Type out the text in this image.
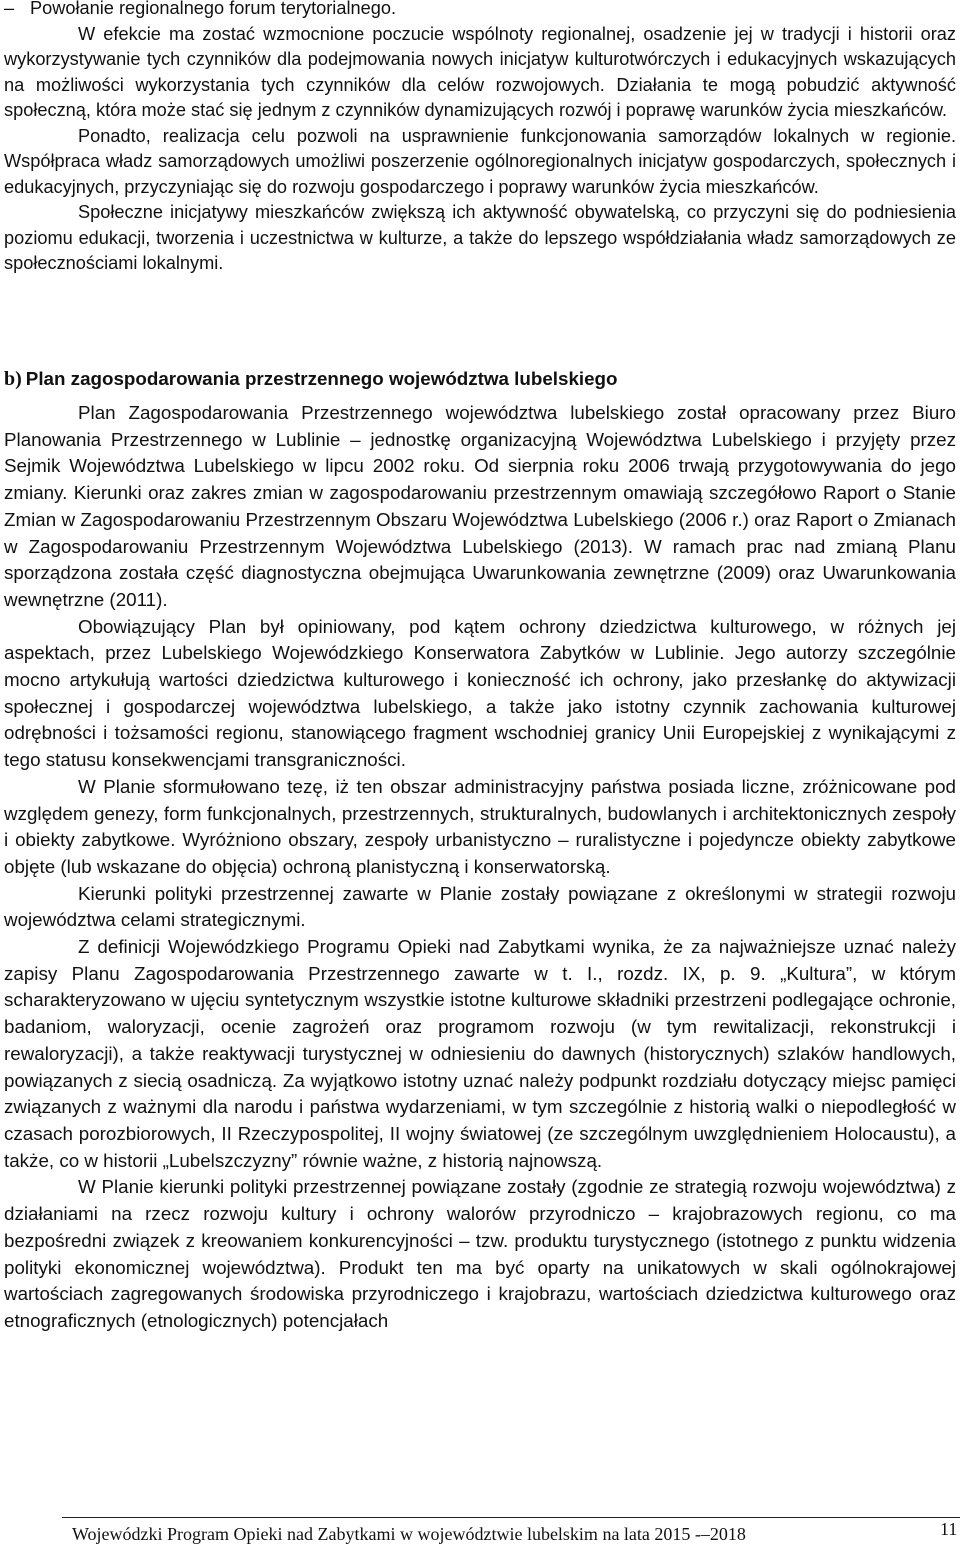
– Powołanie regionalnego forum terytorialnego.

W efekcie ma zostać wzmocnione poczucie wspólnoty regionalnej, osadzenie jej w tradycji i historii oraz wykorzystywanie tych czynników dla podejmowania nowych inicjatyw kulturotwórczych i edukacyjnych wskazujących na możliwości wykorzystania tych czynników dla celów rozwojowych. Działania te mogą pobudzić aktywność społeczną, która może stać się jednym z czynników dynamizujących rozwój i poprawę warunków życia mieszkańców.

Ponadto, realizacja celu pozwoli na usprawnienie funkcjonowania samorządów lokalnych w regionie. Współpraca władz samorządowych umożliwi poszerzenie ogólnoregionalnych inicjatyw gospodarczych, społecznych i edukacyjnych, przyczyniając się do rozwoju gospodarczego i poprawy warunków życia mieszkańców.

Społeczne inicjatywy mieszkańców zwiększą ich aktywność obywatelską, co przyczyni się do podniesienia poziomu edukacji, tworzenia i uczestnictwa w kulturze, a także do lepszego współdziałania władz samorządowych ze społecznościami lokalnymi.

b) Plan zagospodarowania przestrzennego województwa lubelskiego

Plan Zagospodarowania Przestrzennego województwa lubelskiego został opracowany przez Biuro Planowania Przestrzennego w Lublinie – jednostkę organizacyjną Województwa Lubelskiego i przyjęty przez Sejmik Województwa Lubelskiego w lipcu 2002 roku. Od sierpnia roku 2006 trwają przygotowywania do jego zmiany. Kierunki oraz zakres zmian w zagospodarowaniu przestrzennym omawiają szczegółowo Raport o Stanie Zmian w Zagospodarowaniu Przestrzennym Obszaru Województwa Lubelskiego (2006 r.) oraz Raport o Zmianach w Zagospodarowaniu Przestrzennym Województwa Lubelskiego (2013). W ramach prac nad zmianą Planu sporządzona została część diagnostyczna obejmująca Uwarunkowania zewnętrzne (2009) oraz Uwarunkowania wewnętrzne (2011).

Obowiązujący Plan był opiniowany, pod kątem ochrony dziedzictwa kulturowego, w różnych jej aspektach, przez Lubelskiego Wojewódzkiego Konserwatora Zabytków w Lublinie. Jego autorzy szczególnie mocno artykułują wartości dziedzictwa kulturowego i konieczność ich ochrony, jako przesłankę do aktywizacji społecznej i gospodarczej województwa lubelskiego, a także jako istotny czynnik zachowania kulturowej odrębności i tożsamości regionu, stanowiącego fragment wschodniej granicy Unii Europejskiej z wynikającymi z tego statusu konsekwencjami transgraniczności.

W Planie sformułowano tezę, iż ten obszar administracyjny państwa posiada liczne, zróżnicowane pod względem genezy, form funkcjonalnych, przestrzennych, strukturalnych, budowlanych i architektonicznych zespoły i obiekty zabytkowe. Wyróżniono obszary, zespoły urbanistyczno – ruralistyczne i pojedyncze obiekty zabytkowe objęte (lub wskazane do objęcia) ochroną planistyczną i konserwatorską.

Kierunki polityki przestrzennej zawarte w Planie zostały powiązane z określonymi w strategii rozwoju województwa celami strategicznymi.

Z definicji Wojewódzkiego Programu Opieki nad Zabytkami wynika, że za najważniejsze uznać należy zapisy Planu Zagospodarowania Przestrzennego zawarte w t. I., rozdz. IX, p. 9. „Kultura”, w którym scharakteryzowano w ujęciu syntetycznym wszystkie istotne kulturowe składniki przestrzeni podlegające ochronie, badaniom, waloryzacji, ocenie zagrożeń oraz programom rozwoju (w tym rewitalizacji, rekonstrukcji i rewaloryzacji), a także reaktywacji turystycznej w odniesieniu do dawnych (historycznych) szlaków handlowych, powiązanych z siecią osadniczą. Za wyjątkowo istotny uznać należy podpunkt rozdziału dotyczący miejsc pamięci związanych z ważnymi dla narodu i państwa wydarzeniami, w tym szczególnie z historią walki o niepodległość w czasach porozbiorowych, II Rzeczypospolitej, II wojny światowej (ze szczególnym uwzględnieniem Holocaustu), a także, co w historii „Lubelszczyzny” równie ważne, z historią najnowszą.

W Planie kierunki polityki przestrzennej powiązane zostały (zgodnie ze strategią rozwoju województwa) z działaniami na rzecz rozwoju kultury i ochrony walorów przyrodniczo – krajobrazowych regionu, co ma bezpośredni związek z kreowaniem konkurencyjności – tzw. produktu turystycznego (istotnego z punktu widzenia polityki ekonomicznej województwa). Produkt ten ma być oparty na unikatowych w skali ogólnokrajowej wartościach zagregowanych środowiska przyrodniczego i krajobrazu, wartościach dziedzictwa kulturowego oraz etnograficznych (etnologicznych) potencjałach

Wojewódzki Program Opieki nad Zabytkami w województwie lubelskim na lata 2015 -–2018	11
